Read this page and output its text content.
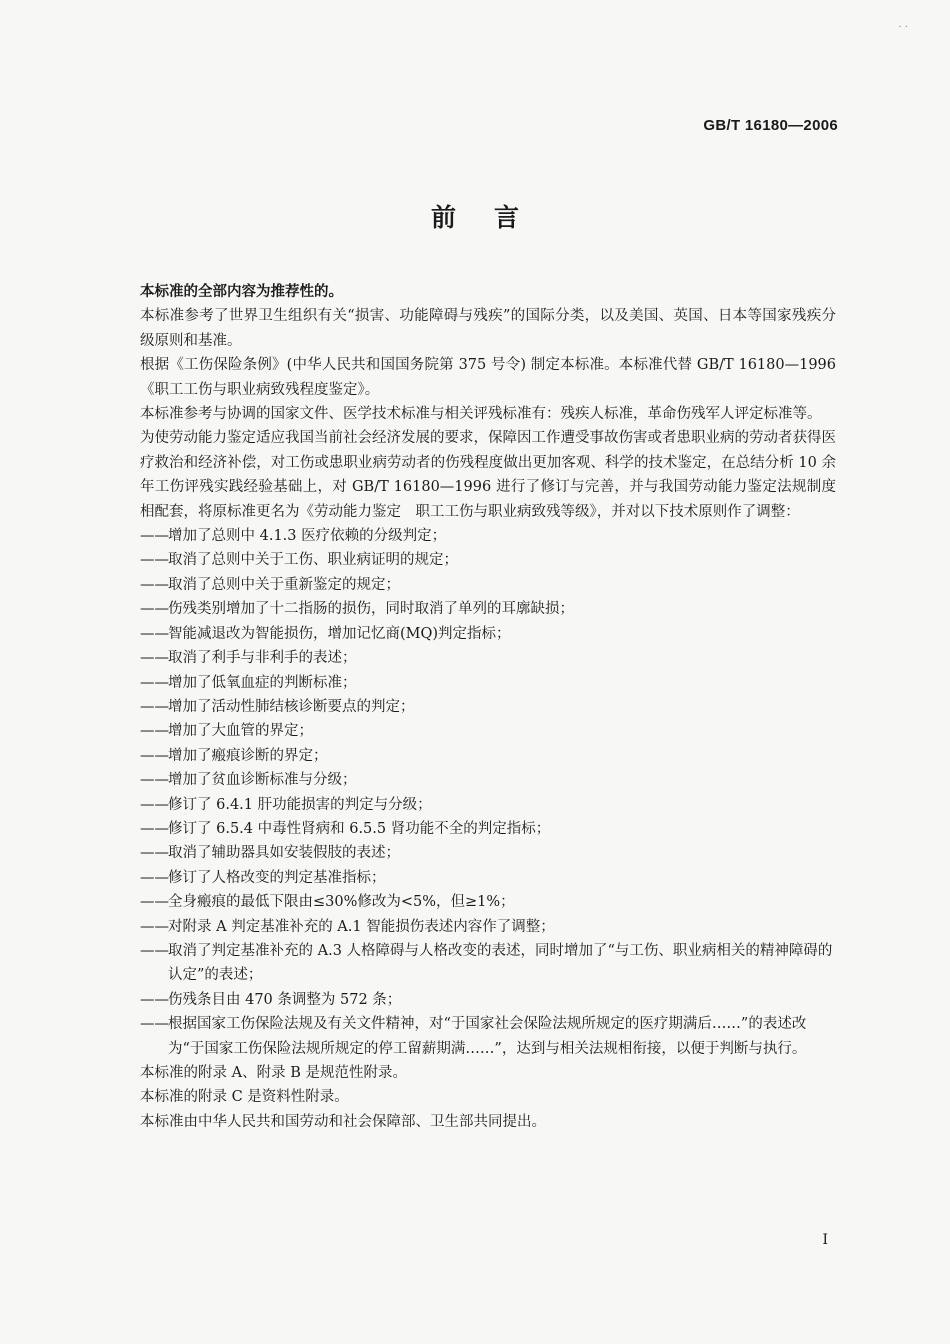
· ·
GB/T 16180—2006
前言

本标准的全部内容为推荐性的。

本标准参考了世界卫生组织有关“损害、功能障碍与残疾”的国际分类，以及美国、英国、日本等国家残疾分级原则和基准。

根据《工伤保险条例》(中华人民共和国国务院第 375 号令) 制定本标准。本标准代替 GB/T 16180—1996《职工工伤与职业病致残程度鉴定》。

本标准参考与协调的国家文件、医学技术标准与相关评残标准有：残疾人标准，革命伤残军人评定标准等。

为使劳动能力鉴定适应我国当前社会经济发展的要求，保障因工作遭受事故伤害或者患职业病的劳动者获得医疗救治和经济补偿，对工伤或患职业病劳动者的伤残程度做出更加客观、科学的技术鉴定，在总结分析 10 余年工伤评残实践经验基础上，对 GB/T 16180—1996 进行了修订与完善，并与我国劳动能力鉴定法规制度相配套，将原标准更名为《劳动能力鉴定　职工工伤与职业病致残等级》，并对以下技术原则作了调整：

——增加了总则中 4.1.3 医疗依赖的分级判定；

——取消了总则中关于工伤、职业病证明的规定；

——取消了总则中关于重新鉴定的规定；

——伤残类别增加了十二指肠的损伤，同时取消了单列的耳廓缺损；

——智能减退改为智能损伤，增加记忆商(MQ)判定指标；

——取消了利手与非利手的表述；

——增加了低氧血症的判断标准；

——增加了活动性肺结核诊断要点的判定；

——增加了大血管的界定；

——增加了瘢痕诊断的界定；

——增加了贫血诊断标准与分级；

——修订了 6.4.1 肝功能损害的判定与分级；

——修订了 6.5.4 中毒性肾病和 6.5.5 肾功能不全的判定指标；

——取消了辅助器具如安装假肢的表述；

——修订了人格改变的判定基准指标；

——全身瘢痕的最低下限由≤30%修改为<5%，但≥1%；

——对附录 A 判定基准补充的 A.1 智能损伤表述内容作了调整；

——取消了判定基准补充的 A.3 人格障碍与人格改变的表述，同时增加了“与工伤、职业病相关的精神障碍的认定”的表述；

——伤残条目由 470 条调整为 572 条；

——根据国家工伤保险法规及有关文件精神，对“于国家社会保险法规所规定的医疗期满后……”的表述改为“于国家工伤保险法规所规定的停工留薪期满……”，达到与相关法规相衔接，以便于判断与执行。

本标准的附录 A、附录 B 是规范性附录。

本标准的附录 C 是资料性附录。

本标准由中华人民共和国劳动和社会保障部、卫生部共同提出。

I
